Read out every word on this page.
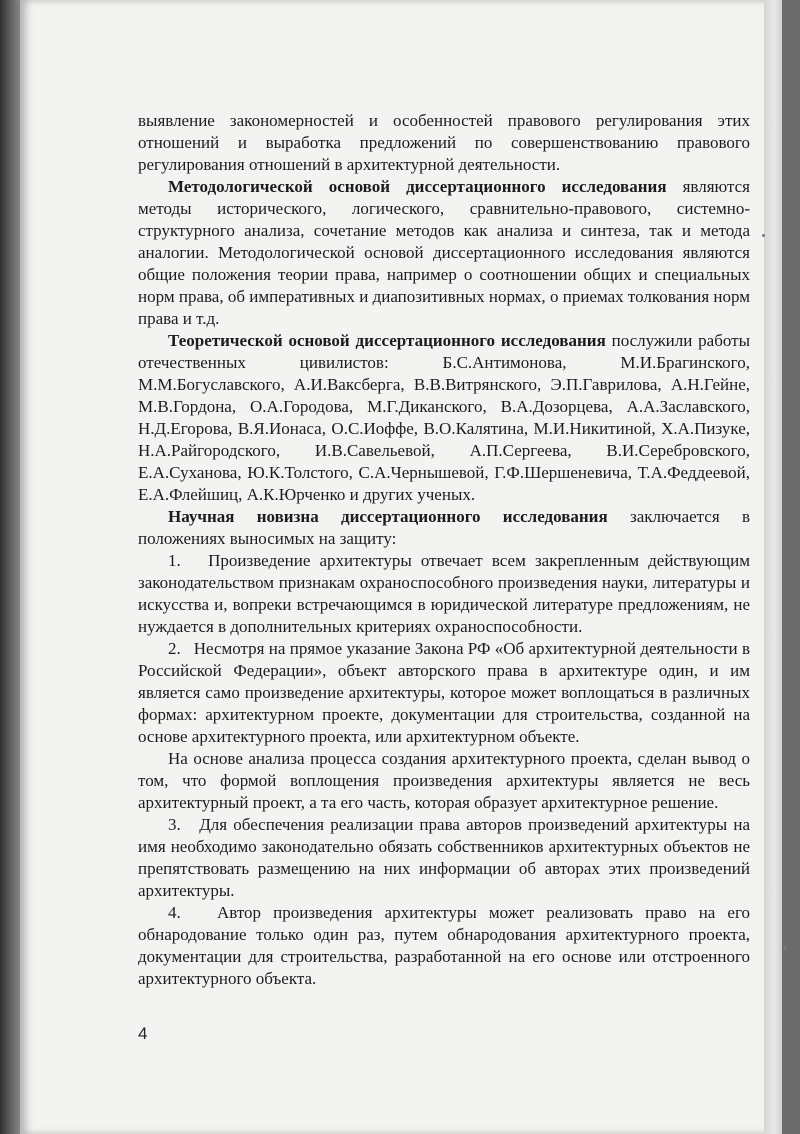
выявление закономерностей и особенностей правового регулирования этих отношений и выработка предложений по совершенствованию правового регулирования отношений в архитектурной деятельности.

Методологической основой диссертационного исследования являются методы исторического, логического, сравнительно-правового, системно-структурного анализа, сочетание методов как анализа и синтеза, так и метода аналогии. Методологической основой диссертационного исследования являются общие положения теории права, например о соотношении общих и специальных норм права, об императивных и диапозитивных нормах, о приемах толкования норм права и т.д.

Теоретической основой диссертационного исследования послужили работы отечественных цивилистов: Б.С.Антимонова, М.И.Брагинского, М.М.Богуславского, А.И.Ваксберга, В.В.Витрянского, Э.П.Гаврилова, А.Н.Гейне, М.В.Гордона, О.А.Городова, М.Г.Диканского, В.А.Дозорцева, А.А.Заславского, Н.Д.Егорова, В.Я.Ионаса, О.С.Иоффе, В.О.Калятина, М.И.Никитиной, Х.А.Пизуке, Н.А.Райгородского, И.В.Савельевой, А.П.Сергеева, В.И.Серебровского, Е.А.Суханова, Ю.К.Толстого, С.А.Чернышевой, Г.Ф.Шершеневича, Т.А.Феддеевой, Е.А.Флейшиц, А.К.Юрченко и других ученых.

Научная новизна диссертационного исследования заключается в положениях выносимых на защиту:

1.   Произведение архитектуры отвечает всем закрепленным действующим законодательством признакам охраноспособного произведения науки, литературы и искусства и, вопреки встречающимся в юридической литературе предложениям, не нуждается в дополнительных критериях охраноспособности.

2.   Несмотря на прямое указание Закона РФ «Об архитектурной деятельности в Российской Федерации», объект авторского права в архитектуре один, и им является само произведение архитектуры, которое может воплощаться в различных формах: архитектурном проекте, документации для строительства, созданной на основе архитектурного проекта, или архитектурном объекте.

На основе анализа процесса создания архитектурного проекта, сделан вывод о том, что формой воплощения произведения архитектуры является не весь архитектурный проект, а та его часть, которая образует архитектурное решение.

3.   Для обеспечения реализации права авторов произведений архитектуры на имя необходимо законодательно обязать собственников архитектурных объектов не препятствовать размещению на них информации об авторах этих произведений архитектуры.

4.   Автор произведения архитектуры может реализовать право на его обнародование только один раз, путем обнародования архитектурного проекта, документации для строительства, разработанной на его основе или отстроенного архитектурного объекта.

4
